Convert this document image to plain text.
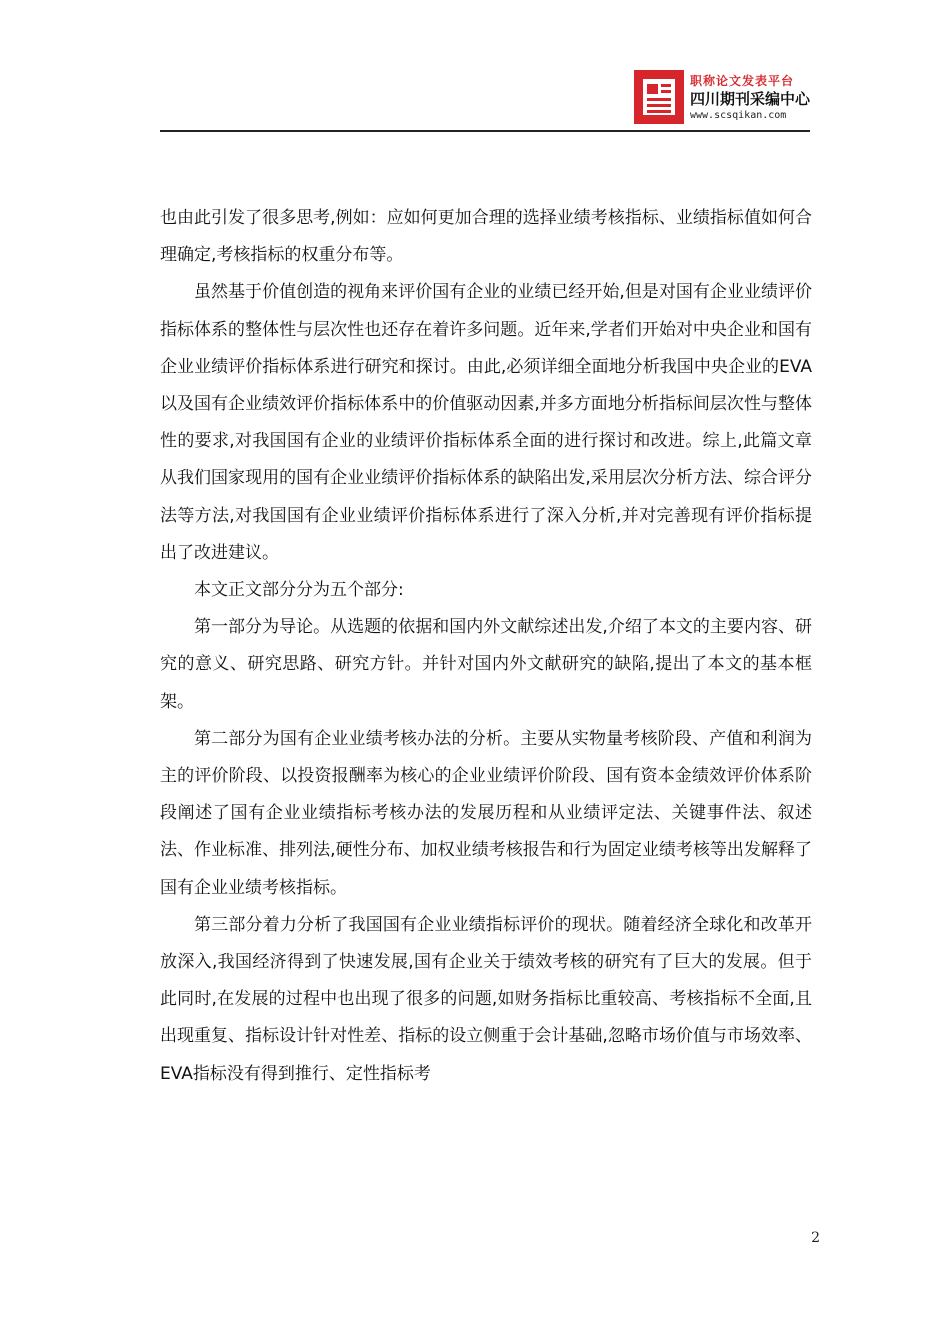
职称论文发表平台
四川期刊采编中心
www.scsqikan.com

也由此引发了很多思考,例如：应如何更加合理的选择业绩考核指标、业绩指标值如何合理确定,考核指标的权重分布等。

虽然基于价值创造的视角来评价国有企业的业绩已经开始,但是对国有企业业绩评价指标体系的整体性与层次性也还存在着许多问题。近年来,学者们开始对中央企业和国有企业业绩评价指标体系进行研究和探讨。由此,必须详细全面地分析我国中央企业的EVA以及国有企业绩效评价指标体系中的价值驱动因素,并多方面地分析指标间层次性与整体性的要求,对我国国有企业的业绩评价指标体系全面的进行探讨和改进。综上,此篇文章从我们国家现用的国有企业业绩评价指标体系的缺陷出发,采用层次分析方法、综合评分法等方法,对我国国有企业业绩评价指标体系进行了深入分析,并对完善现有评价指标提出了改进建议。

本文正文部分分为五个部分:

第一部分为导论。从选题的依据和国内外文献综述出发,介绍了本文的主要内容、研究的意义、研究思路、研究方针。并针对国内外文献研究的缺陷,提出了本文的基本框架。

第二部分为国有企业业绩考核办法的分析。主要从实物量考核阶段、产值和利润为主的评价阶段、以投资报酬率为核心的企业业绩评价阶段、国有资本金绩效评价体系阶段阐述了国有企业业绩指标考核办法的发展历程和从业绩评定法、关键事件法、叙述法、作业标准、排列法,硬性分布、加权业绩考核报告和行为固定业绩考核等出发解释了国有企业业绩考核指标。

第三部分着力分析了我国国有企业业绩指标评价的现状。随着经济全球化和改革开放深入,我国经济得到了快速发展,国有企业关于绩效考核的研究有了巨大的发展。但于此同时,在发展的过程中也出现了很多的问题,如财务指标比重较高、考核指标不全面,且出现重复、指标设计针对性差、指标的设立侧重于会计基础,忽略市场价值与市场效率、EVA指标没有得到推行、定性指标考

2
